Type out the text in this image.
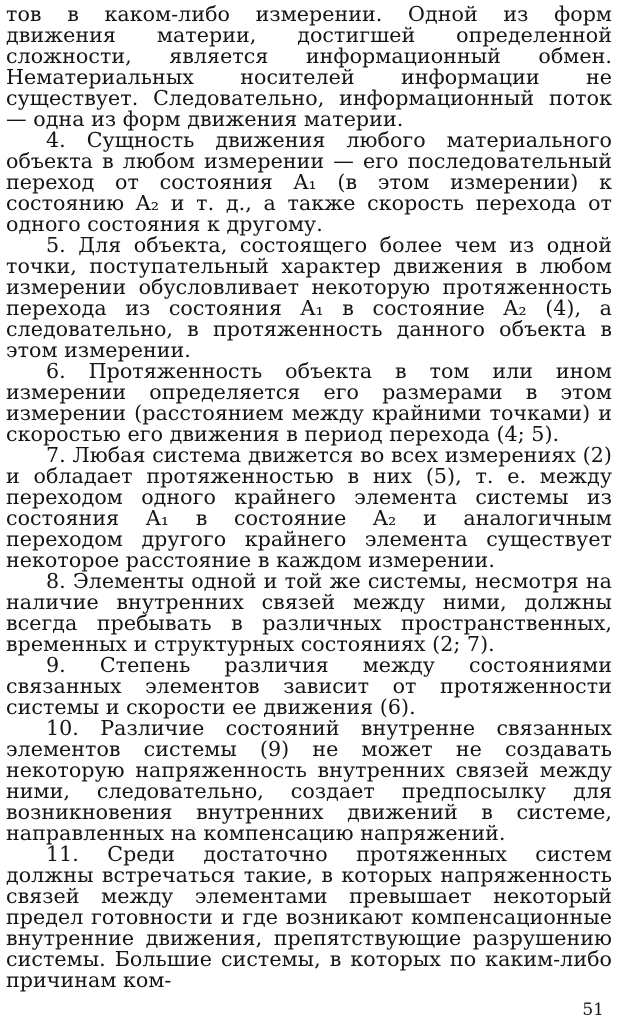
тов в каком-либо измерении. Одной из форм движения материи, достигшей определенной сложности, является информационный обмен. Нематериальных носителей информации не существует. Следовательно, информационный поток — одна из форм движения материи.

4. Сущность движения любого материального объекта в любом измерении — его последовательный переход от состояния A₁ (в этом измерении) к состоянию A₂ и т. д., а также скорость перехода от одного состояния к другому.

5. Для объекта, состоящего более чем из одной точки, поступательный характер движения в любом измерении обусловливает некоторую протяженность перехода из состояния A₁ в состояние A₂ (4), а следовательно, в протяженность данного объекта в этом измерении.

6. Протяженность объекта в том или ином измерении определяется его размерами в этом измерении (расстоянием между крайними точками) и скоростью его движения в период перехода (4; 5).

7. Любая система движется во всех измерениях (2) и обладает протяженностью в них (5), т. е. между переходом одного крайнего элемента системы из состояния A₁ в состояние A₂ и аналогичным переходом другого крайнего элемента существует некоторое расстояние в каждом измерении.

8. Элементы одной и той же системы, несмотря на наличие внутренних связей между ними, должны всегда пребывать в различных пространственных, временных и структурных состояниях (2; 7).

9. Степень различия между состояниями связанных элементов зависит от протяженности системы и скорости ее движения (6).

10. Различие состояний внутренне связанных элементов системы (9) не может не создавать некоторую напряженность внутренних связей между ними, следовательно, создает предпосылку для возникновения внутренних движений в системе, направленных на компенсацию напряжений.

11. Среди достаточно протяженных систем должны встречаться такие, в которых напряженность связей между элементами превышает некоторый предел готовности и где возникают компенсационные внутренние движения, препятствующие разрушению системы. Большие системы, в которых по каким-либо причинам ком-

51
